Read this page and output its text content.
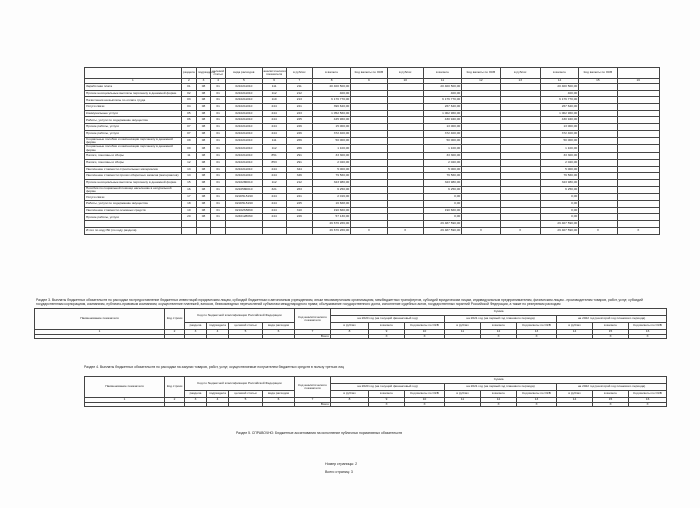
	раздела	подраздела	целевой статьи	вида расходов	аналитического показателя	в рублях	в валюте	Код валюты по ОКВ	в рублях	в валюте	Код валюты по ОКВ	в рублях	в валюте	Код валюты по ОКВ	
1	2	3	4	5	6	7	8	9	10	11	12	13	14	15	16
Заработная плата	01	08	01	0210211010	111	211	20 400 500,00			20 400 500,00			20 400 500,00		
Прочие несоциальные выплаты персоналу в денежной форме	02	08	01	0210211010	112	212	400,00			400,00			400,00		
Начисления на выплаты по оплате труда	03	08	01	0210211010	119	213	6 176 770,00			6 176 770,00			6 176 770,00		
Услуги связи	04	08	01	0210211010	244	221	396 620,00			267 620,00			267 620,00		
Коммунальные услуги	05	08	01	0210211010	244	223	1 052 560,00			1 002 960,00			1 002 960,00		
Работы, услуги по содержанию имущества	06	08	01	0210211010	244	225	445 960,00			430 940,00			430 940,00		
Прочие работы, услуги	07	08	01	0210211010	244	226	15 000,00			13 000,00			13 000,00		
Прочие работы, услуги	07	08	01	0210211010	244	226	372 400,00			372 400,00			372 400,00		
Социальные пособия и компенсации персоналу в денежной форме	08	08	01	0210211010	111	266	50 000,00			50 000,00			50 000,00		
Социальные пособия и компенсации персоналу в денежной форме	09	08	01	0210211010	112	266	1 100,00			1 100,00			1 100,00		
Налоги, пошлины и сборы	11	08	01	0210211010	851	291	33 300,00			33 300,00			33 300,00		
Налоги, пошлины и сборы	12	08	01	0210211010	853	291	2 020,00			2 020,00			2 020,00		
Увеличение стоимости строительных материалов	13	08	01	0210211010	244	344	5 000,00			5 000,00			5 000,00		
Увеличение стоимости прочих оборотных запасов (материалов)	14	08	01	0210211010	244	346	79 560,00			79 560,00			79 560,00		
Прочие несоциальные выплаты персоналу в денежной форме	15	08	01	0210280010	112	212	323 980,00			323 980,00			323 980,00		
Пособия по социальной помощи населению в натуральной форме	16	08	01	0210580010	321	263	6 250,00			6 250,00			6 250,00		
Услуги связи	17	08	01	021D5L5190	244	221	2 016,00			0,00			0,00		
Работы, услуги по содержанию имущества	18	08	01	021D5L5190	244	225	16 668,00			0,00			0,00		
Увеличение стоимости основных средств	19	08	01	02102S5660	244	310	190 660,00			190 660,00			0,00		
Прочие работы, услуги	20	08	01	0240128060	244	226	57 130,00			0,00			0,00		
							29 676 266,00			29 487 590,00			29 407 590,00		
Итого по коду БК (по коду раздела)							29 676 266,00	X	X	29 487 590,00	X	X	29 407 590,00	X	X
Раздел 3. Выплаты бюджетных обязательств по расходам на предоставление бюджетных инвестиций юридическим лицам, субсидий бюджетным и автономным учреждениям, иным некоммерческим организациям, межбюджетных трансфертов, субсидий юридическим лицам, индивидуальным предпринимателям, физическим лицам - производителям товаров, работ, услуг, субсидий государственным корпорациям, компаниям, публично-правовым компаниям; осуществление платежей, взносов, безвозмездных перечислений субъектам международного права; обслуживание государственного долга, исполнение судебных актов, государственных гарантий Российской Федерации, а также по резервным расходам
Наименование показателя	Код строки	Код по бюджетной классификации Российской Федерации				Код аналитического показателя	Сумма								
							на 2020 год (на текущий финансовый год)			на 2021 год (на первый год планового периода)			на 2022 год (на второй год планового периода)		
		раздела	подраздела	целевой статьи	вида расходов		в рублях	в валюте	Код валюты по ОКВ	в рублях	в валюте	Код валюты по ОКВ	в рублях	в валюте	Код валюты по ОКВ
1	2	3	4	5	6	7	8	9	10	11	12	13	14	15	16
						Всего		X	X		X	X		X	X
Раздел 4. Выплаты бюджетных обязательств по расходам на закупки товаров, работ, услуг, осуществляемые получателем бюджетных средств в пользу третьих лиц
Наименование показателя	Код строки	Код по бюджетной классификации Российской Федерации				Код аналитического показателя	Сумма								
							на 2020 год (на текущий финансовый год)			на 2021 год (на первый год планового периода)			на 2022 год (на второй год планового периода)		
		раздела	подраздела	целевой статьи	вида расходов		в рублях	в валюте	Код валюты по ОКВ	в рублях	в валюте	Код валюты по ОКВ	в рублях	в валюте	Код валюты по ОКВ
1	2	3	4	5	6	7	8	9	10	11	12	13	14	15	16
						Всего		X	X		X	X		X	X
Раздел 5. СПРАВОЧНО: Бюджетные ассигнования на исполнение публичных нормативных обязательств
Номер страницы: 2
Всего страниц: 3
